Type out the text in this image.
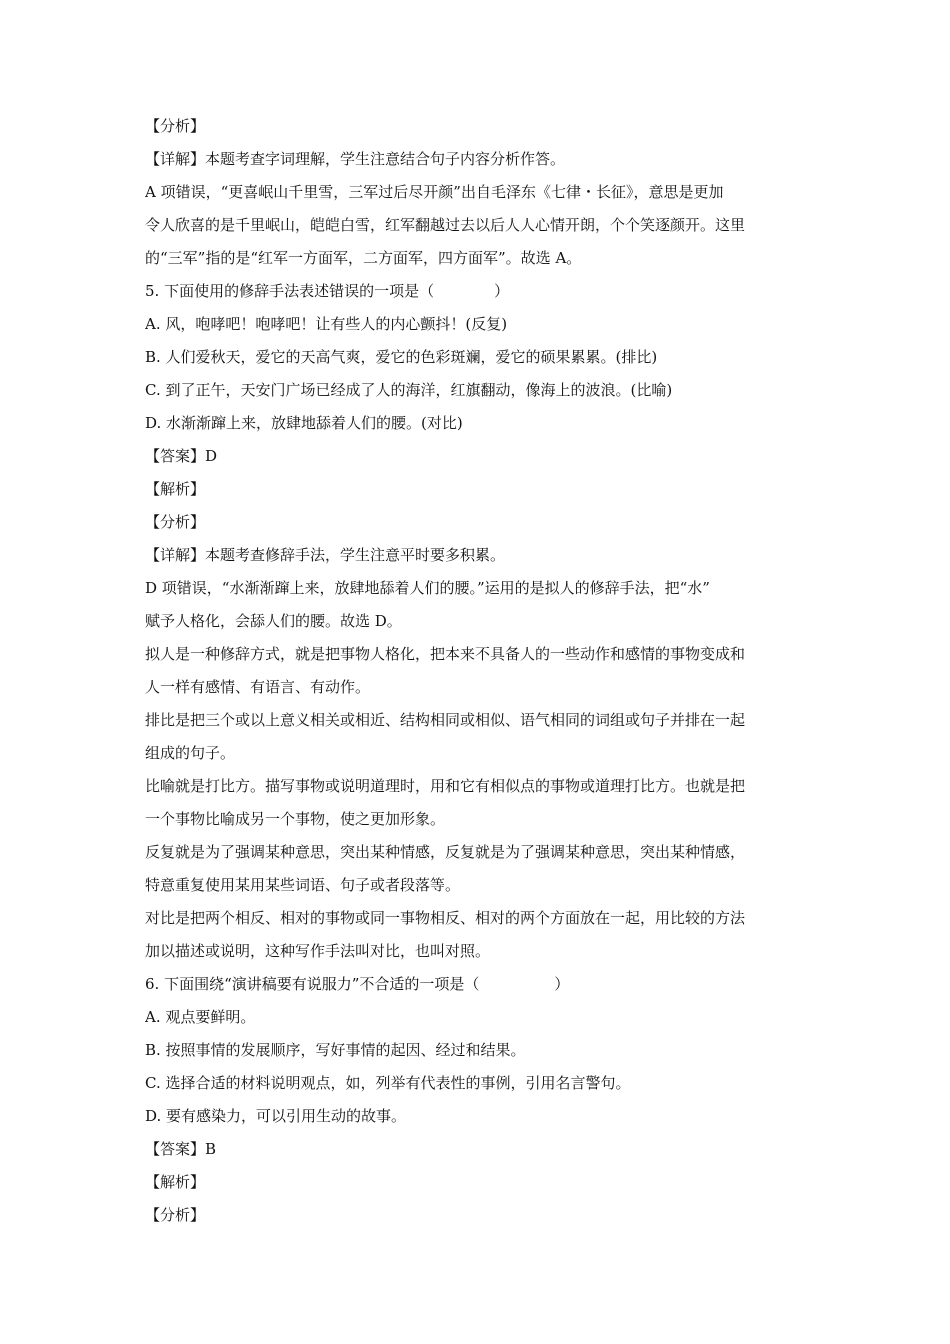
【分析】
【详解】本题考查字词理解，学生注意结合句子内容分析作答。
A 项错误，“更喜岷山千里雪，三军过后尽开颜”出自毛泽东《七律・长征》，意思是更加
令人欣喜的是千里岷山，皑皑白雪，红军翻越过去以后人人心情开朗，个个笑逐颜开。这里
的“三军”指的是“红军一方面军，二方面军，四方面军”。故选 A。
5. 下面使用的修辞手法表述错误的一项是（　　　　）
A. 风，咆哮吧！咆哮吧！让有些人的内心颤抖！(反复)
B. 人们爱秋天，爱它的天高气爽，爱它的色彩斑斓，爱它的硕果累累。(排比)
C. 到了正午，天安门广场已经成了人的海洋，红旗翻动，像海上的波浪。(比喻)
D. 水渐渐蹿上来，放肆地舔着人们的腰。(对比)
【答案】D
【解析】
【分析】
【详解】本题考查修辞手法，学生注意平时要多积累。
D 项错误，“水渐渐蹿上来，放肆地舔着人们的腰。”运用的是拟人的修辞手法，把“水”
赋予人格化，会舔人们的腰。故选 D。
拟人是一种修辞方式，就是把事物人格化，把本来不具备人的一些动作和感情的事物变成和
人一样有感情、有语言、有动作。
排比是把三个或以上意义相关或相近、结构相同或相似、语气相同的词组或句子并排在一起
组成的句子。
比喻就是打比方。描写事物或说明道理时，用和它有相似点的事物或道理打比方。也就是把
一个事物比喻成另一个事物，使之更加形象。
反复就是为了强调某种意思，突出某种情感，反复就是为了强调某种意思，突出某种情感，
特意重复使用某用某些词语、句子或者段落等。
对比是把两个相反、相对的事物或同一事物相反、相对的两个方面放在一起，用比较的方法
加以描述或说明，这种写作手法叫对比，也叫对照。
6. 下面围绕“演讲稿要有说服力”不合适的一项是（　　　　　）
A. 观点要鲜明。
B. 按照事情的发展顺序，写好事情的起因、经过和结果。
C. 选择合适的材料说明观点，如，列举有代表性的事例，引用名言警句。
D. 要有感染力，可以引用生动的故事。
【答案】B
【解析】
【分析】
